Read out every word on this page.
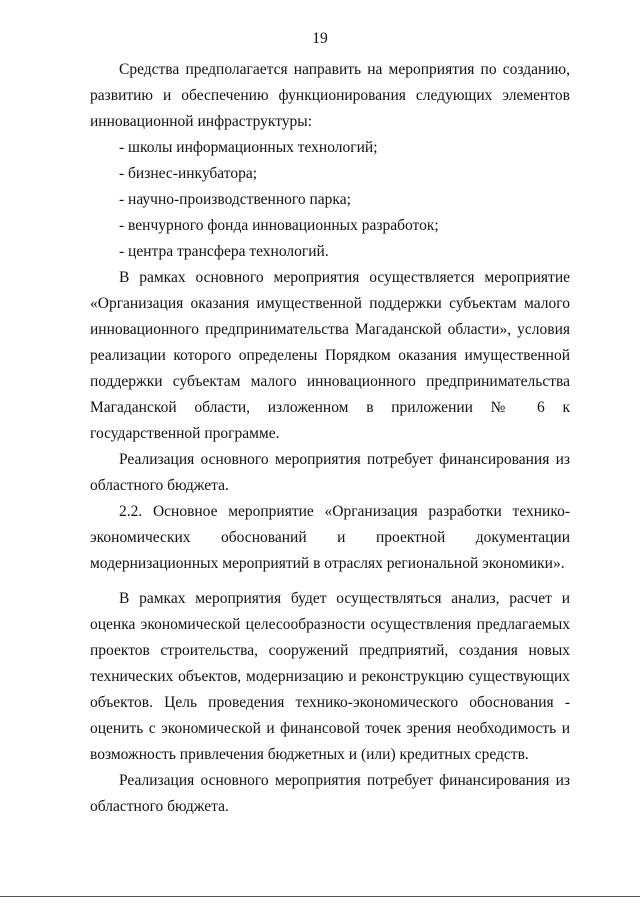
19

Средства предполагается направить на мероприятия по созданию, развитию и обеспечению функционирования следующих элементов инновационной инфраструктуры:

- школы информационных технологий;

- бизнес-инкубатора;

- научно-производственного парка;

- венчурного фонда инновационных разработок;

- центра трансфера технологий.

В рамках основного мероприятия осуществляется мероприятие «Организация оказания имущественной поддержки субъектам малого инновационного предпринимательства Магаданской области», условия реализации которого определены Порядком оказания имущественной поддержки субъектам малого инновационного предпринимательства Магаданской области, изложенном в приложении № 6 к государственной программе.

Реализация основного мероприятия потребует финансирования из областного бюджета.

2.2. Основное мероприятие «Организация разработки технико-экономических обоснований и проектной документации модернизационных мероприятий в отраслях региональной экономики».

В рамках мероприятия будет осуществляться анализ, расчет и оценка экономической целесообразности осуществления предлагаемых проектов строительства, сооружений предприятий, создания новых технических объектов, модернизацию и реконструкцию существующих объектов. Цель проведения технико-экономического обоснования - оценить с экономической и финансовой точек зрения необходимость и возможность привлечения бюджетных и (или) кредитных средств.

Реализация основного мероприятия потребует финансирования из областного бюджета.
